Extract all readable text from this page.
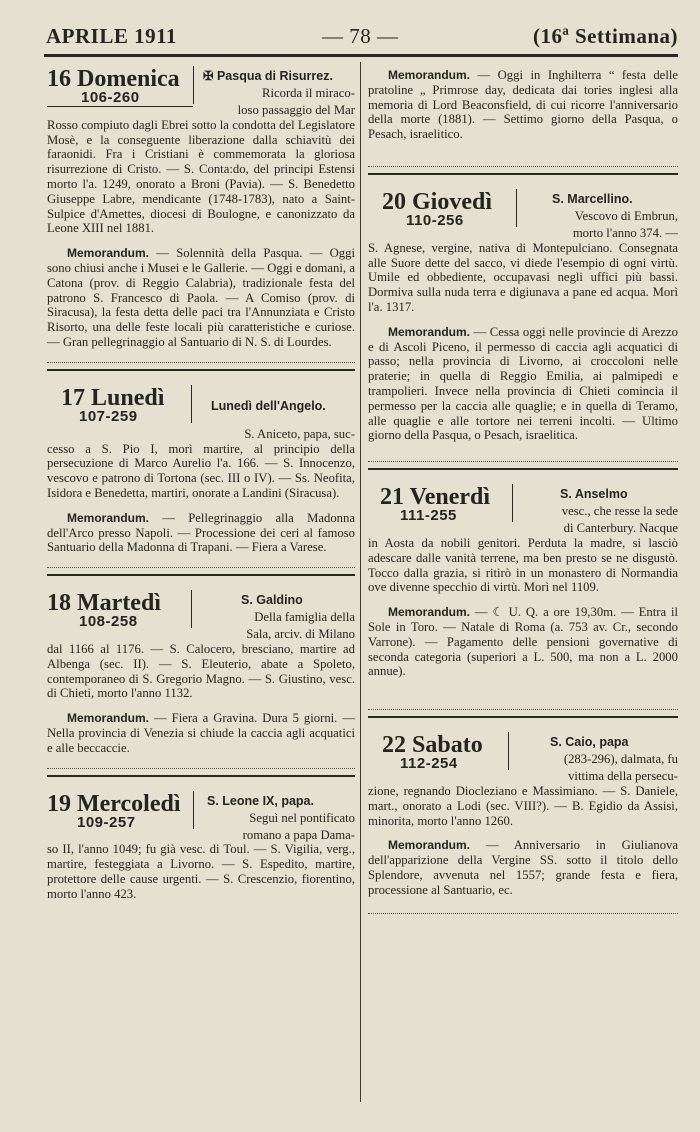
APRILE 1911	— 78 —	(16ª Settimana)
16 Domenica
106-260
✠ Pasqua di Risurrez.
Ricorda il miraco-
loso passaggio del Mar
Rosso compiuto dagli Ebrei sotto la condotta del Legislatore Mosè, e la conseguente liberazione dalla schiavitù dei faraonidi. Fra i Cristiani è commemorata la gloriosa risurrezione di Cristo. — S. Conta:do, del principi Estensi morto l'a. 1249, onorato a Broni (Pavia). — S. Benedetto Giuseppe Labre, mendicante (1748-1783), nato a Saint-Sulpice d'Amettes, diocesi di Boulogne, e canonizzato da Leone XIII nel 1881.
Memorandum. — Solennità della Pasqua. — Oggi sono chiusi anche i Musei e le Gallerie. — Oggi e domani, a Catona (prov. di Reggio Calabria), tradizionale festa del patrono S. Francesco di Paola. — A Comiso (prov. di Siracusa), la festa detta delle paci tra l'Annunziata e Cristo Risorto, una delle feste locali più caratteristiche e curiose. — Gran pellegrinaggio al Santuario di N. S. di Lourdes.
17 Lunedì
107-259
Lunedì dell'Angelo.
S. Aniceto, papa, suc-
cesso a S. Pio I, morì martire, al principio della persecuzione di Marco Aurelio l'a. 166. — S. Innocenzo, vescovo e patrono di Tortona (sec. III o IV). — Ss. Neofita, Isidora e Benedetta, martiri, onorate a Landini (Siracusa).
Memorandum. — Pellegrinaggio alla Madonna dell'Arco presso Napoli. — Processione dei ceri al famoso Santuario della Madonna di Trapani. — Fiera a Varese.
18 Martedì
108-258
S. Galdino
Della famiglia della
Sala, arciv. di Milano
dal 1166 al 1176. — S. Calocero, bresciano, martire ad Albenga (sec. II). — S. Eleuterio, abate a Spoleto, contemporaneo di S. Gregorio Magno. — S. Giustino, vesc. di Chieti, morto l'anno 1132.
Memorandum. — Fiera a Gravina. Dura 5 giorni. — Nella provincia di Venezia si chiude la caccia agli acquatici e alle beccaccie.
19 Mercoledì
109-257
S. Leone IX, papa.
Seguì nel pontificato
romano a papa Dama-
so II, l'anno 1049; fu già vesc. di Toul. — S. Vigilia, verg., martire, festeggiata a Livorno. — S. Espedito, martire, protettore delle cause urgenti. — S. Crescenzio, fiorentino, morto l'anno 423.
Memorandum. — Oggi in Inghilterra “ festa delle pratoline „ Primrose day, dedicata dai tories inglesi alla memoria di Lord Beaconsfield, di cui ricorre l'anniversario della morte (1881). — Settimo giorno della Pasqua, o Pesach, israelitico.
20 Giovedì
110-256
S. Marcellino.
Vescovo di Embrun,
morto l'anno 374. —
S. Agnese, vergine, nativa di Montepulciano. Consegnata alle Suore dette del sacco, vi diede l'esempio di ogni virtù. Umile ed obbediente, occupavasi negli uffici più bassi. Dormiva sulla nuda terra e digiunava a pane ed acqua. Morì l'a. 1317.
Memorandum. — Cessa oggi nelle provincie di Arezzo e di Ascoli Piceno, il permesso di caccia agli acquatici di passo; nella provincia di Livorno, ai croccoloni nelle praterie; in quella di Reggio Emilia, ai palmipedi e trampolieri. Invece nella provincia di Chieti comincia il permesso per la caccia alle quaglie; e in quella di Teramo, alle quaglie e alle tortore nei terreni incolti. — Ultimo giorno della Pasqua, o Pesach, israelitica.
21 Venerdì
111-255
S. Anselmo
vesc., che resse la sede
di Canterbury. Nacque
in Aosta da nobili genitori. Perduta la madre, si lasciò adescare dalle vanità terrene, ma ben presto se ne disgustò. Tocco dalla grazia, si ritirò in un monastero di Normandia ove divenne specchio di virtù. Morì nel 1109.
Memorandum. — ☾ U. Q. a ore 19,30m. — Entra il Sole in Toro. — Natale di Roma (a. 753 av. Cr., secondo Varrone). — Pagamento delle pensioni governative di seconda categoria (superiori a L. 500, ma non a L. 2000 annue).
22 Sabato
112-254
S. Caio, papa
(283-296), dalmata, fu
vittima della persecu-
zione, regnando Diocleziano e Massimiano. — S. Daniele, mart., onorato a Lodi (sec. VIII?). — B. Egidio da Assisi, minorita, morto l'anno 1260.
Memorandum. — Anniversario in Giulianova dell'apparizione della Vergine SS. sotto il titolo dello Splendore, avvenuta nel 1557; grande festa e fiera, processione al Santuario, ec.
